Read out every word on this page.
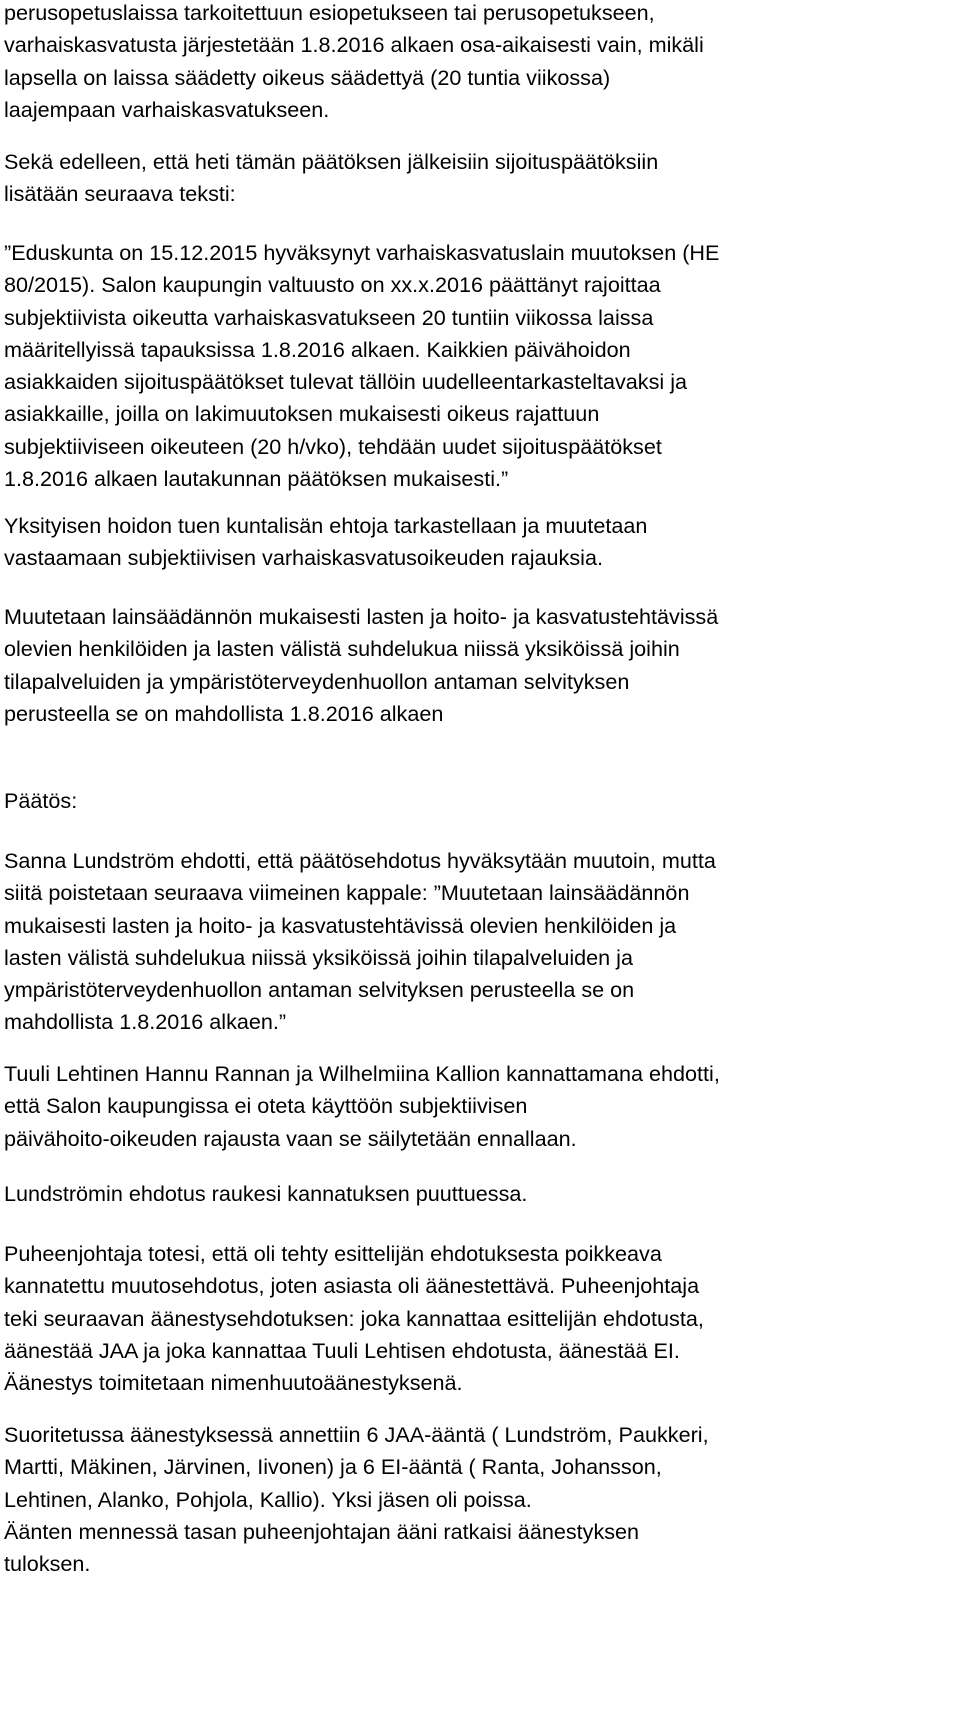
perusopetuslaissa tarkoitettuun esiopetukseen tai perusopetukseen,
varhaiskasvatusta järjestetään 1.8.2016 alkaen osa-aikaisesti vain, mikäli
lapsella on laissa säädetty oikeus säädettyä (20 tuntia viikossa)
laajempaan varhaiskasvatukseen.
Sekä edelleen, että heti tämän päätöksen jälkeisiin sijoituspäätöksiin
lisätään seuraava teksti:
”Eduskunta on 15.12.2015 hyväksynyt varhaiskasvatuslain muutoksen (HE
80/2015). Salon kaupungin valtuusto on xx.x.2016 päättänyt rajoittaa
subjektiivista oikeutta varhaiskasvatukseen 20 tuntiin viikossa laissa
määritellyissä tapauksissa 1.8.2016 alkaen. Kaikkien päivähoidon
asiakkaiden sijoituspäätökset tulevat tällöin uudelleentarkasteltavaksi ja
asiakkaille, joilla on lakimuutoksen mukaisesti oikeus rajattuun
subjektiiviseen oikeuteen (20 h/vko), tehdään uudet sijoituspäätökset
1.8.2016 alkaen lautakunnan päätöksen mukaisesti.”
Yksityisen hoidon tuen kuntalisän ehtoja tarkastellaan ja muutetaan
vastaamaan subjektiivisen varhaiskasvatusoikeuden rajauksia.
Muutetaan lainsäädännön mukaisesti lasten ja hoito- ja kasvatustehtävissä
olevien henkilöiden ja lasten välistä suhdelukua niissä yksiköissä joihin
tilapalveluiden ja ympäristöterveydenhuollon antaman selvityksen
perusteella se on mahdollista 1.8.2016 alkaen
Päätös:
Sanna Lundström ehdotti, että päätösehdotus hyväksytään muutoin, mutta
siitä poistetaan seuraava viimeinen kappale: ”Muutetaan lainsäädännön
mukaisesti lasten ja hoito- ja kasvatustehtävissä olevien henkilöiden ja
lasten välistä suhdelukua niissä yksiköissä joihin tilapalveluiden ja
ympäristöterveydenhuollon antaman selvityksen perusteella se on
mahdollista 1.8.2016 alkaen.”
Tuuli Lehtinen Hannu Rannan ja Wilhelmiina Kallion kannattamana ehdotti,
että Salon kaupungissa ei oteta käyttöön subjektiivisen
päivähoito-oikeuden rajausta vaan se säilytetään ennallaan.
Lundströmin ehdotus raukesi kannatuksen puuttuessa.
Puheenjohtaja totesi, että oli tehty esittelijän ehdotuksesta poikkeava
kannatettu muutosehdotus, joten asiasta oli äänestettävä. Puheenjohtaja
teki seuraavan äänestysehdotuksen: joka kannattaa esittelijän ehdotusta,
äänestää JAA ja joka kannattaa Tuuli Lehtisen ehdotusta, äänestää EI.
Äänestys toimitetaan nimenhuutoäänestyksenä.
Suoritetussa äänestyksessä annettiin 6 JAA-ääntä ( Lundström, Paukkeri,
Martti, Mäkinen, Järvinen, Iivonen) ja 6 EI-ääntä ( Ranta, Johansson,
Lehtinen, Alanko, Pohjola, Kallio). Yksi jäsen oli poissa.
Äänten mennessä tasan puheenjohtajan ääni ratkaisi äänestyksen
tuloksen.
